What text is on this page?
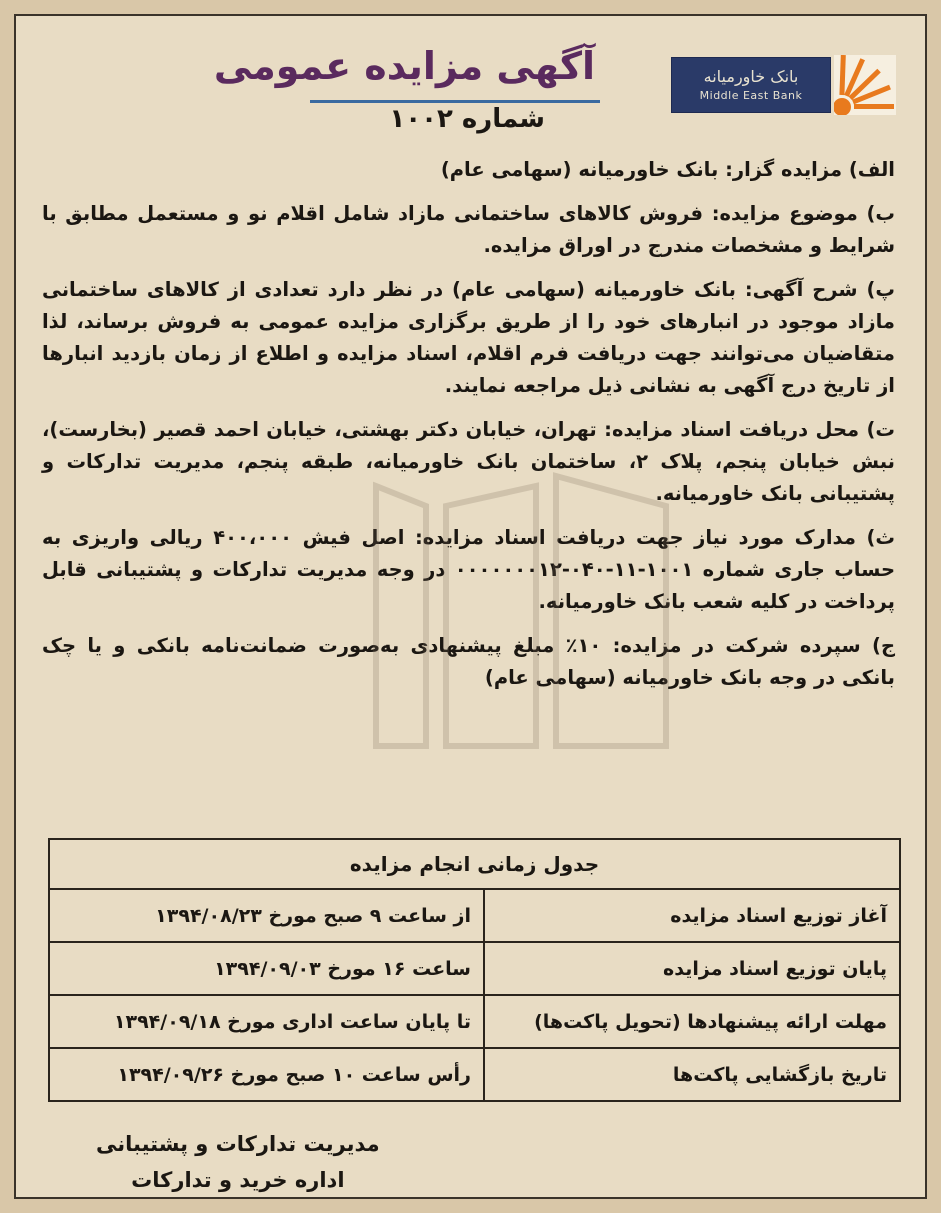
بانک خاورمیانه
Middle East Bank
آگهی مزایده عمومی
شماره ۱۰۰۲

الف) مزایده گزار: بانک خاورمیانه (سهامی عام)

ب) موضوع مزایده: فروش کالاهای ساختمانی مازاد شامل اقلام نو و مستعمل مطابق با شرایط و مشخصات مندرج در اوراق مزایده.

پ) شرح آگهی: بانک خاورمیانه (سهامی عام) در نظر دارد تعدادی از کالاهای ساختمانی مازاد موجود در انبارهای خود را از طریق برگزاری مزایده عمومی به فروش برساند، لذا متقاضیان می‌توانند جهت دریافت فرم اقلام، اسناد مزایده و اطلاع از زمان بازدید انبارها از تاریخ درج آگهی به نشانی ذیل مراجعه نمایند.

ت) محل دریافت اسناد مزایده: تهران، خیابان دکتر بهشتی، خیابان احمد قصیر (بخارست)، نبش خیابان پنجم، پلاک ۲، ساختمان بانک خاورمیانه، طبقه پنجم، مدیریت تدارکات و پشتیبانی بانک خاورمیانه.

ث) مدارک مورد نیاز جهت دریافت اسناد مزایده: اصل فیش ۴۰۰،۰۰۰ ریالی واریزی به حساب جاری شماره ۱۰۰۱-۱۱-۰۴۰-۰۰۰۰۰۰۰۱۲ در وجه مدیریت تدارکات و پشتیبانی قابل پرداخت در کلیه شعب بانک خاورمیانه.

ج) سپرده شرکت در مزایده: ۱۰٪ مبلغ پیشنهادی به‌صورت ضمانت‌نامه بانکی و یا چک بانکی در وجه بانک خاورمیانه (سهامی عام)

جدول زمانی انجام مزایده	
آغاز توزیع اسناد مزایده	از ساعت ۹ صبح مورخ ۱۳۹۴/۰۸/۲۳
پایان توزیع اسناد مزایده	ساعت ۱۶ مورخ ۱۳۹۴/۰۹/۰۳
مهلت ارائه پیشنهادها (تحویل پاکت‌ها)	تا پایان ساعت اداری مورخ ۱۳۹۴/۰۹/۱۸
تاریخ بازگشایی پاکت‌ها	رأس ساعت ۱۰ صبح مورخ ۱۳۹۴/۰۹/۲۶
مدیریت تدارکات و پشتیبانی
اداره خرید و تدارکات
